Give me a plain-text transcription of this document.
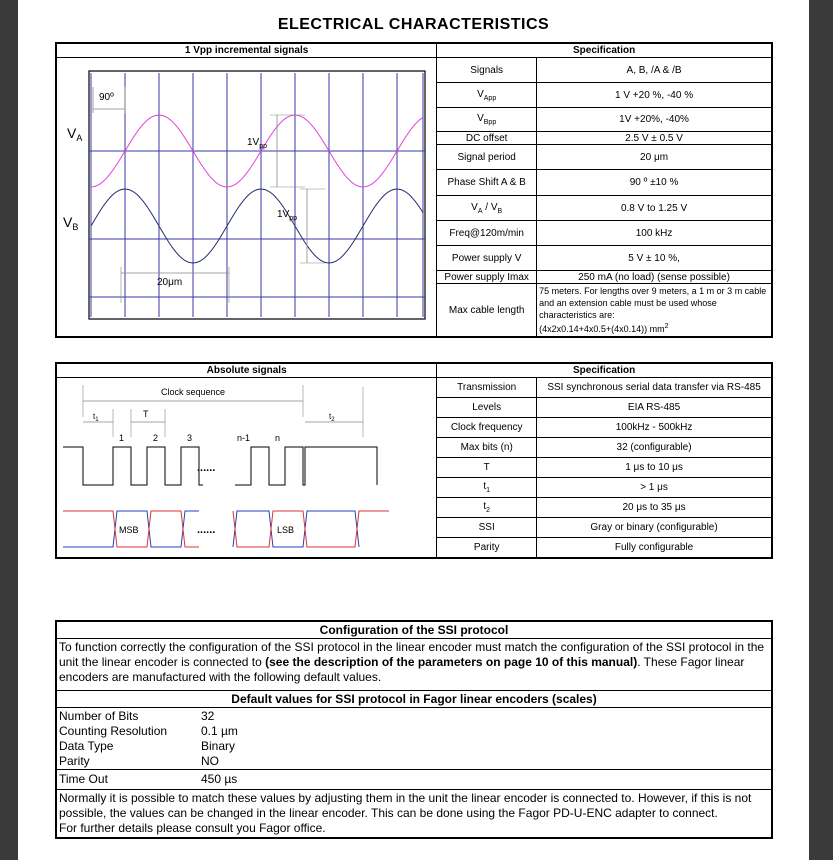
ELECTRICAL CHARACTERISTICS
1 Vpp incremental signals	Specification	
	Signals	A, B, /A & /B
	$V_{App}$	1 V +20 %, -40 %
	$V_{Bpp}$	1V +20%, -40%
	DC offset	2.5 V ± 0.5 V
	Signal period	20 μm
	Phase Shift A & B	90 º ±10 %
	$V_A / V_B$	0.8 V to 1.25 V
	Freq@120m/min	100 kHz
	Power supply V	5 V ± 10 %,
	Power supply Imax	250 mA (no load) (sense possible)
	Max cable length	75 meters. For lengths over 9 meters, a 1 m or 3 m cable and an extension cable must be used whose characteristics are:
(4x2x0.14+4x0.5+(4x0.14)) $mm^2$
90º
$V_A$
$V_B$
$1V_{pp}$
$1V_{pp}$
20μm
Absolute signals	Specification	
	Transmission	SSI synchronous serial data transfer via RS-485
	Levels	EIA RS-485
	Clock frequency	100kHz - 500kHz
	Max bits (n)	32 (configurable)
	T	1 μs to 10 μs
	$t_1$	> 1 μs
	$t_2$	20 μs to 35 μs
	SSI	Gray or binary (configurable)
	Parity	Fully configurable
Clock sequence
$t_1$
T	$t_2$
1	2	3	n-1	n
......
MSB	LSB
......
Configuration of the SSI protocol
To function correctly the configuration of the SSI protocol in the linear encoder must match the configuration of the SSI protocol in the unit the linear encoder is connected to (see the description of the parameters on page 10 of this manual). These Fagor linear encoders are manufactured with the following default values.
Default values for SSI protocol in Fagor linear encoders (scales)
Number of Bits	32
Counting Resolution	0.1 µm
Data Type	Binary
Parity	NO
Time Out	450 µs
Normally it is possible to match these values by adjusting them in the unit the linear encoder is connected to. However, if this is not possible, the values can be changed in the linear encoder. This can be done using the Fagor PD-U-ENC adapter to connect.
For further details please consult you Fagor office.
